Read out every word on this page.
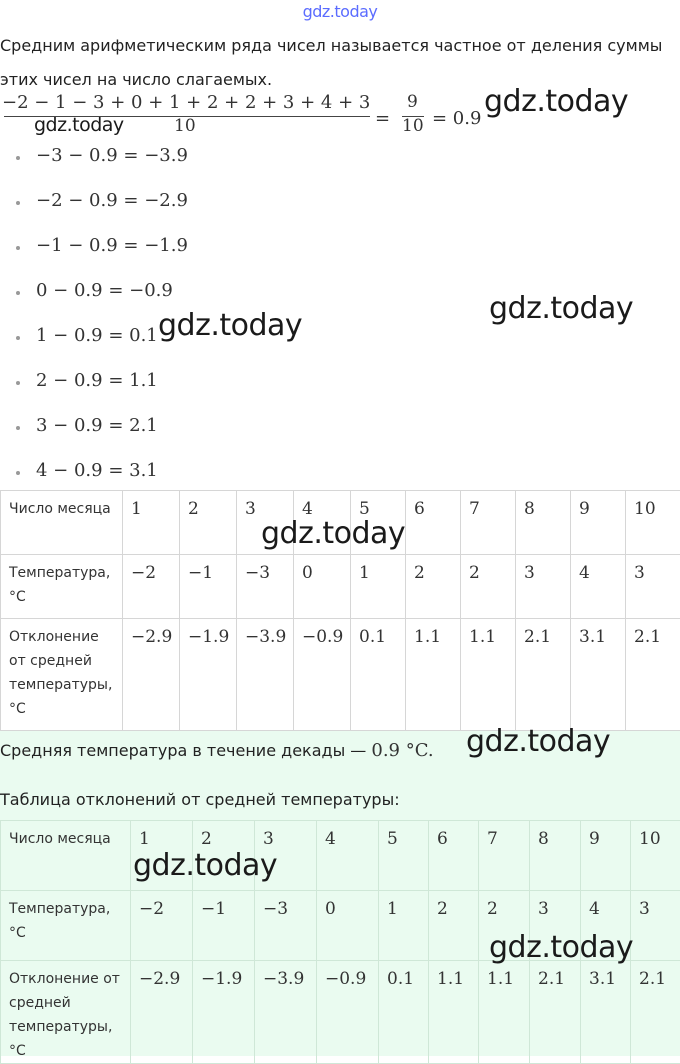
gdz.today
Средним арифметическим ряда чисел называется частное от деления суммы
этих чисел на число слагаемых.
−2 − 1 − 3 + 0 + 1 + 2 + 2 + 3 + 4 + 3
10	=
9
10 = 0.9
−3 − 0.9 = −3.9
−2 − 0.9 = −2.9
−1 − 0.9 = −1.9
0 − 0.9 = −0.9
1 − 0.9 = 0.1
2 − 0.9 = 1.1
3 − 0.9 = 2.1
4 − 0.9 = 3.1
Число месяца	1	2	3	4	5	6	7	8	9	10
Температура, °C	−2	−1	−3	0	1	2	2	3	4	3
Отклонение от средней температуры, °C	−2.9	−1.9	−3.9	−0.9	0.1	1.1	1.1	2.1	3.1	2.1
Средняя температура в течение декады — 0.9 °C.
Таблица отклонений от средней температуры:
Число месяца	1	2	3	4	5	6	7	8	9	10
Температура, °C	−2	−1	−3	0	1	2	2	3	4	3
Отклонение от средней температуры, °C	−2.9	−1.9	−3.9	−0.9	0.1	1.1	1.1	2.1	3.1	2.1
gdz.today
gdz.today
gdz.today
gdz.today
gdz.today
gdz.today
gdz.today
gdz.today
